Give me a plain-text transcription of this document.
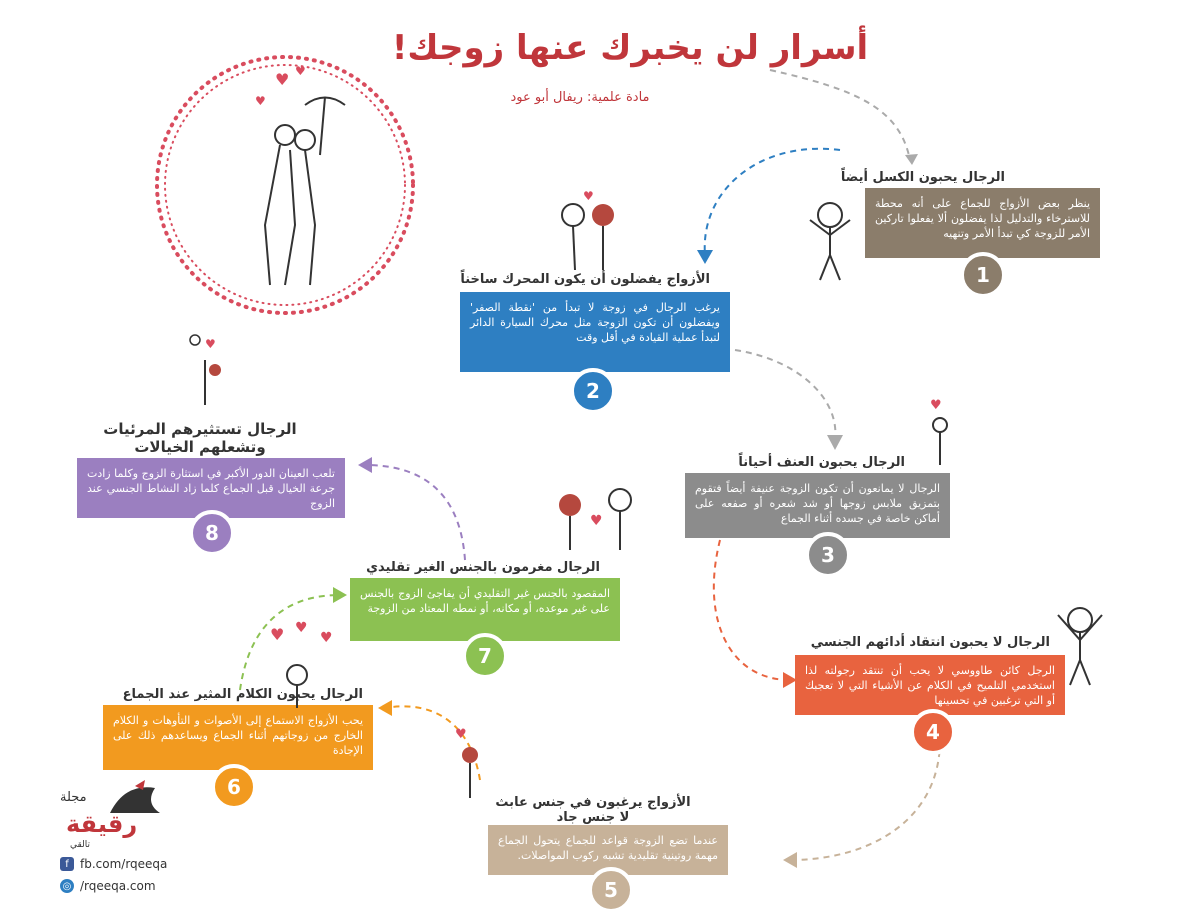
أسرار لن يخبرك عنها زوجك!
مادة علمية: ريفال أبو عود
♥
♥
♥
الرجال يحبون الكسل أيضاً
ينظر بعض الأزواج للجماع على أنه محطة للاسترخاء والتدليل لذا يفضلون ألا يفعلوا تاركين الأمر للزوجة كي تبدأ الأمر وتنهيه
1
الأزواج يفضلون أن يكون المحرك ساخناً
يرغب الرجال في زوجة لا تبدأ من 'نقطة الصفر' ويفضلون أن تكون الزوجة مثل محرك السيارة الدائر لتبدأ عملية القيادة في أقل وقت
2
الرجال يحبون العنف أحياناً
الرجال لا يمانعون أن تكون الزوجة عنيفة أيضاً فتقوم بتمزيق ملابس زوجها أو شد شعره أو صفعه على أماكن خاصة في جسده أثناء الجماع
3
الرجال لا يحبون انتقاد أدائهم الجنسي
الرجل كائن طاووسي لا يحب أن تنتقد رجولته لذا استخدمي التلميح في الكلام عن الأشياء التي لا تعجبك أو التي ترغبين في تحسينها
4
الأزواج يرغبون في جنس عابث لا جنس جاد
عندما تضع الزوجة قواعد للجماع يتحول الجماع مهمة روتينية تقليدية تشبه ركوب المواصلات.
5
الرجال يحبون الكلام المثير عند الجماع
يحب الأزواج الاستماع إلى الأصوات و التأوهات و الكلام الخارج من زوجاتهم أثناء الجماع ويساعدهم ذلك على الإجادة
6
الرجال مغرمون بالجنس الغير تقليدي
المقصود بالجنس غير التقليدي أن يفاجئ الزوج بالجنس على غير موعده، أو مكانه، أو نمطه المعتاد من الزوجة
7
الرجال تستثيرهم المرئيات وتشعلهم الخيالات
تلعب العينان الدور الأكبر في استثارة الزوج وكلما زادت جرعة الخيال قبل الجماع كلما زاد النشاط الجنسي عند الزوج
8
♥
♥
♥ ♥
♥
♥
♥
♥
مجلة
رقيقة
تالقي
f fb.com/rqeeqa
◎ /rqeeqa.com
